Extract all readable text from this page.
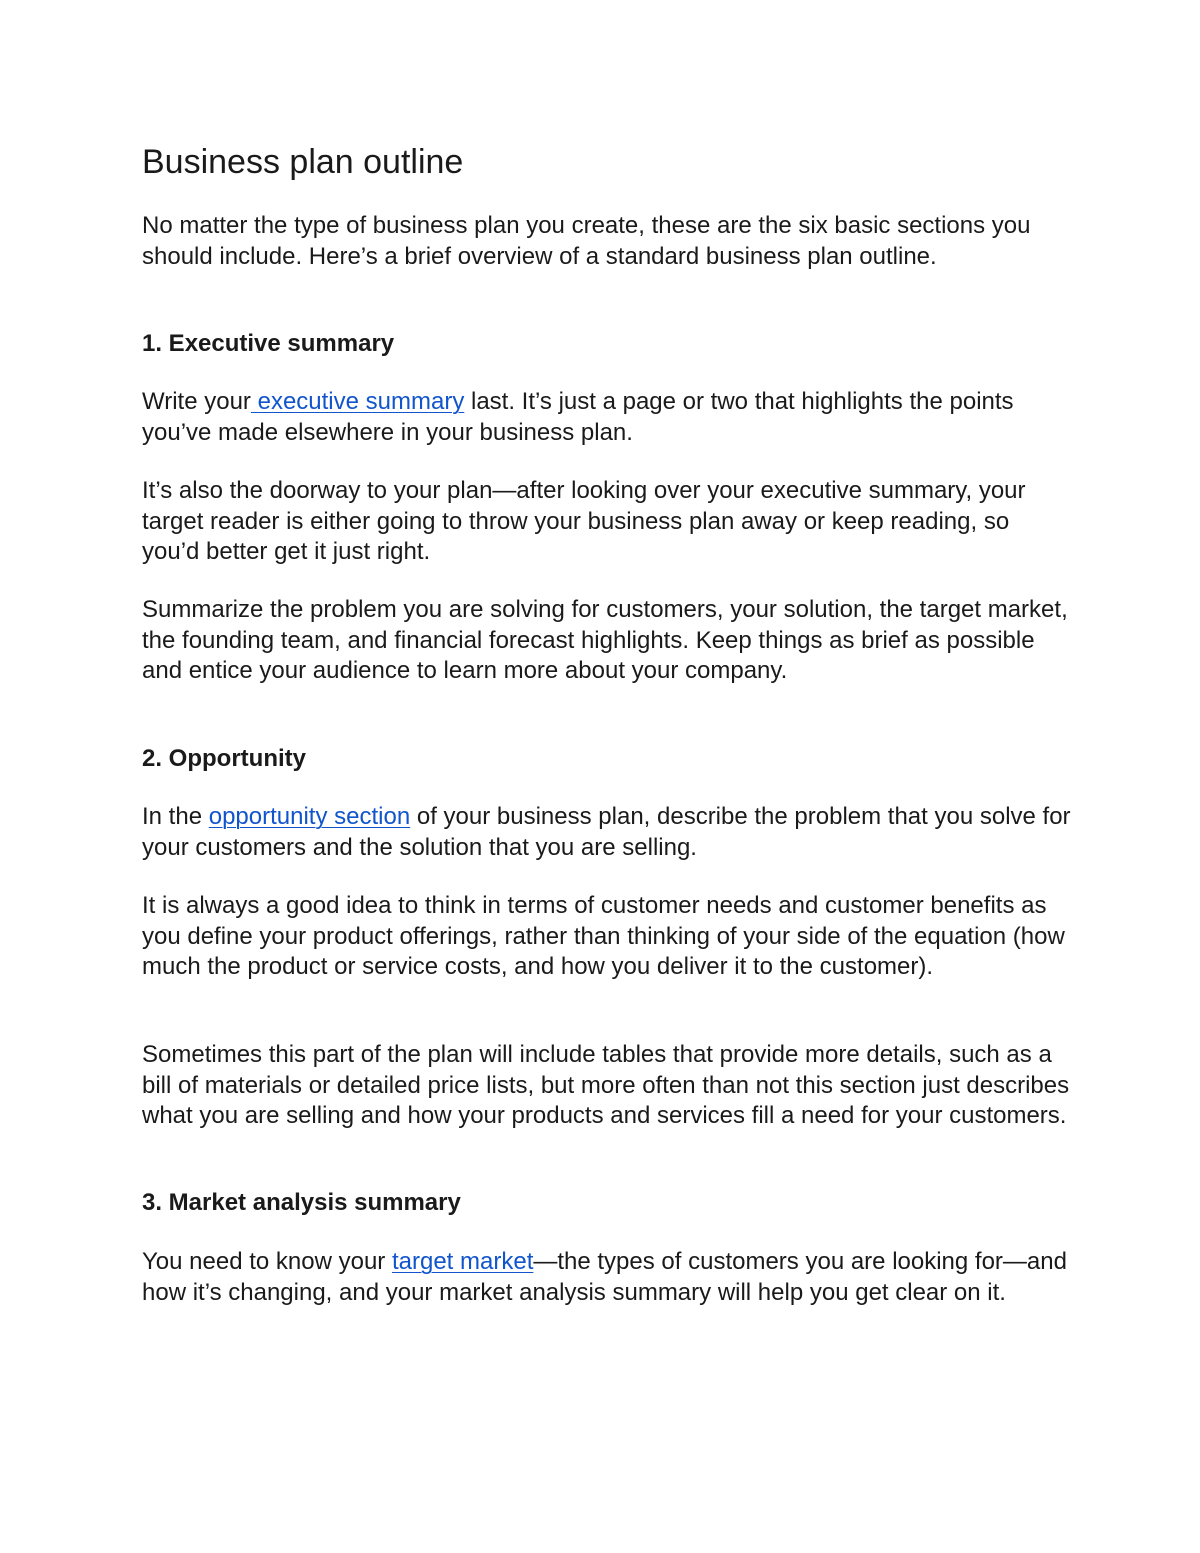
Business plan outline

No matter the type of business plan you create, these are the six basic sections you should include. Here’s a brief overview of a standard business plan outline.

1. Executive summary

Write your executive summary last. It’s just a page or two that highlights the points you’ve made elsewhere in your business plan.

It’s also the doorway to your plan—after looking over your executive summary, your target reader is either going to throw your business plan away or keep reading, so you’d better get it just right.

Summarize the problem you are solving for customers, your solution, the target market, the founding team, and financial forecast highlights. Keep things as brief as possible and entice your audience to learn more about your company.

2. Opportunity

In the opportunity section of your business plan, describe the problem that you solve for your customers and the solution that you are selling.

It is always a good idea to think in terms of customer needs and customer benefits as you define your product offerings, rather than thinking of your side of the equation (how much the product or service costs, and how you deliver it to the customer).

Sometimes this part of the plan will include tables that provide more details, such as a bill of materials or detailed price lists, but more often than not this section just describes what you are selling and how your products and services fill a need for your customers.

3. Market analysis summary

You need to know your target market—the types of customers you are looking for—and how it’s changing, and your market analysis summary will help you get clear on it.
